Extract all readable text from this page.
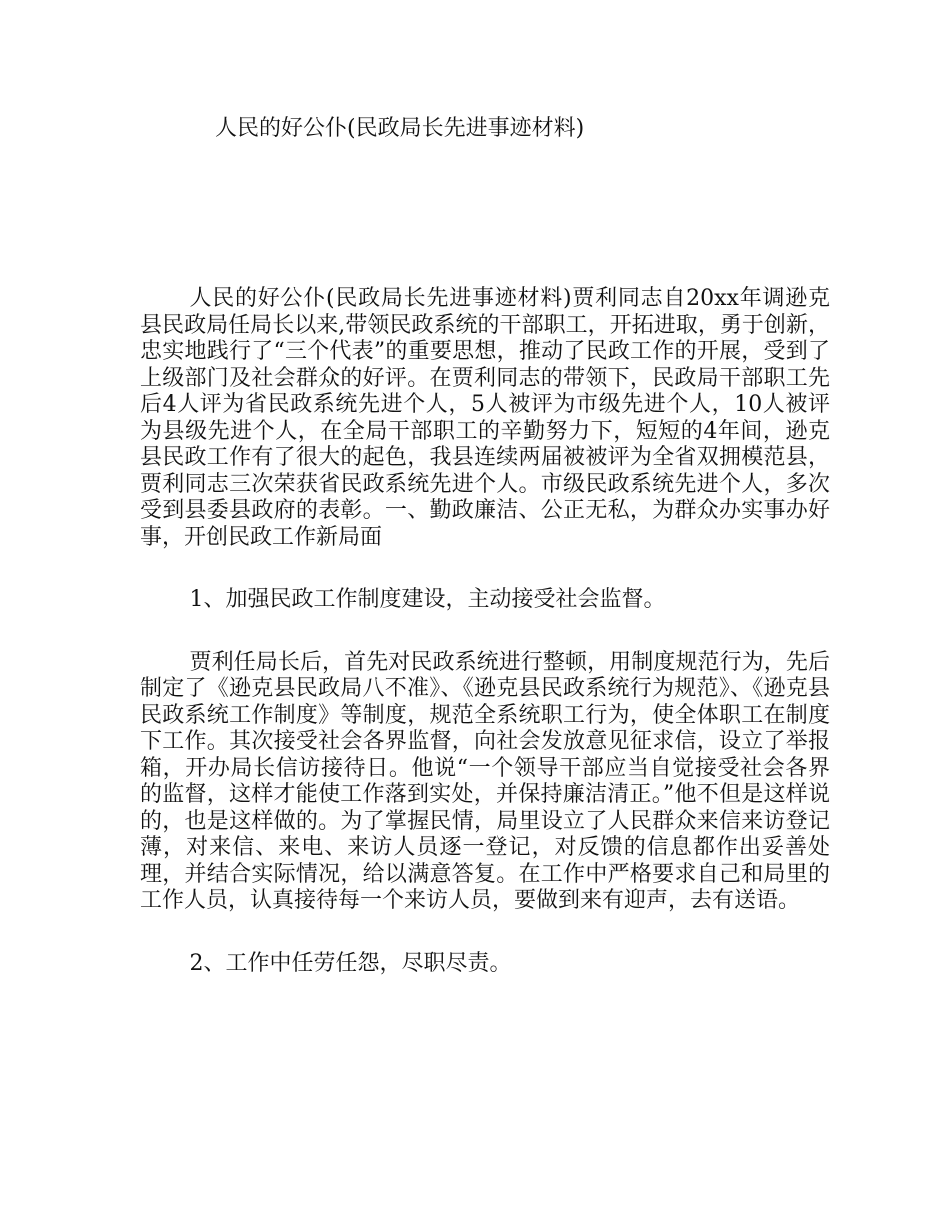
人民的好公仆(民政局长先进事迹材料)

人民的好公仆(民政局长先进事迹材料)贾利同志自20xx年调逊克县民政局任局长以来,带领民政系统的干部职工，开拓进取，勇于创新，忠实地践行了“三个代表”的重要思想，推动了民政工作的开展，受到了上级部门及社会群众的好评。在贾利同志的带领下，民政局干部职工先后4人评为省民政系统先进个人，5人被评为市级先进个人，10人被评为县级先进个人，在全局干部职工的辛勤努力下，短短的4年间，逊克县民政工作有了很大的起色，我县连续两届被被评为全省双拥模范县，贾利同志三次荣获省民政系统先进个人。市级民政系统先进个人，多次受到县委县政府的表彰。一、勤政廉洁、公正无私，为群众办实事办好事，开创民政工作新局面

1、加强民政工作制度建设，主动接受社会监督。

贾利任局长后，首先对民政系统进行整顿，用制度规范行为，先后制定了《逊克县民政局八不准》、《逊克县民政系统行为规范》、《逊克县民政系统工作制度》等制度，规范全系统职工行为，使全体职工在制度下工作。其次接受社会各界监督，向社会发放意见征求信，设立了举报箱，开办局长信访接待日。他说“一个领导干部应当自觉接受社会各界的监督，这样才能使工作落到实处，并保持廉洁清正。”他不但是这样说的，也是这样做的。为了掌握民情，局里设立了人民群众来信来访登记薄，对来信、来电、来访人员逐一登记，对反馈的信息都作出妥善处理，并结合实际情况，给以满意答复。在工作中严格要求自己和局里的工作人员，认真接待每一个来访人员，要做到来有迎声，去有送语。

2、工作中任劳任怨，尽职尽责。
